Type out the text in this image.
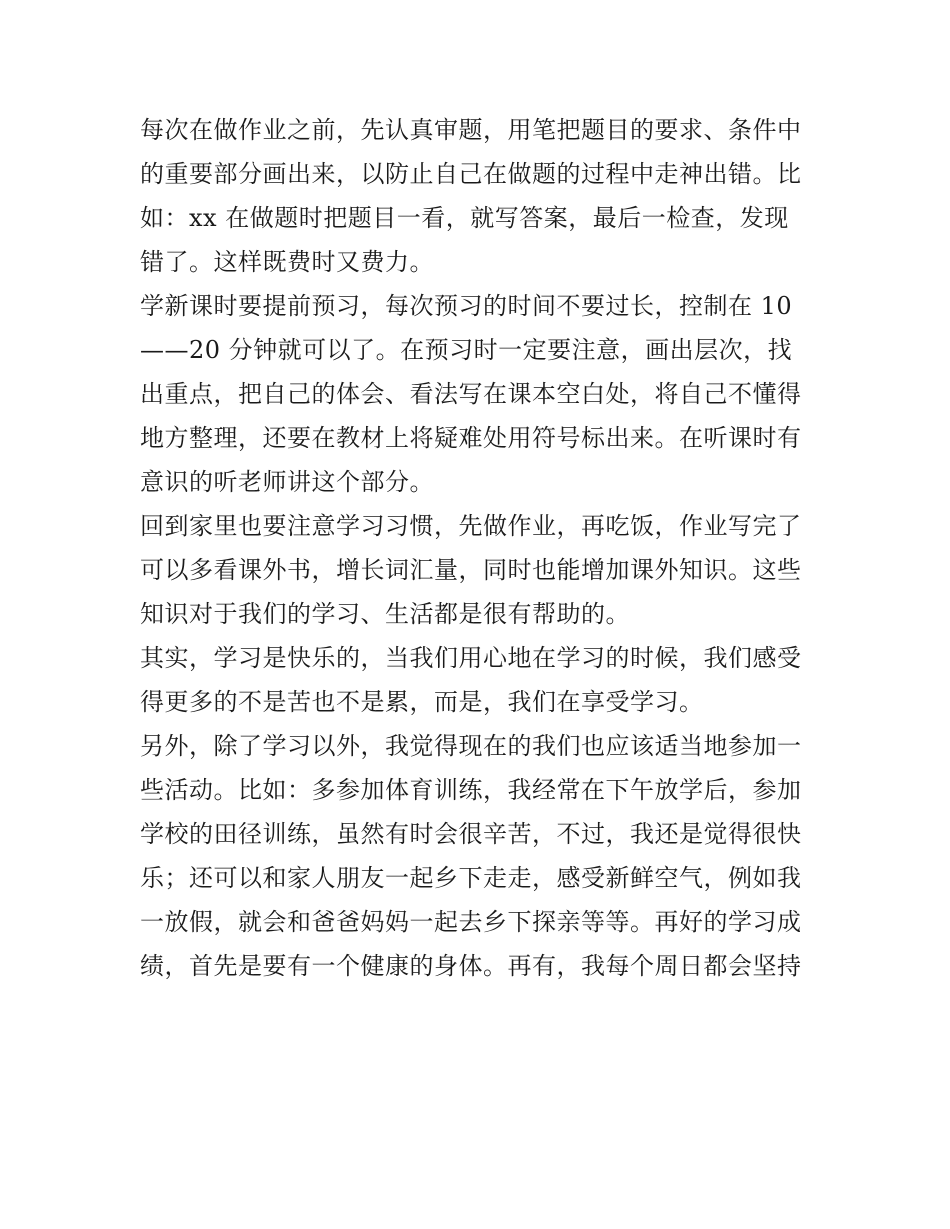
每次在做作业之前，先认真审题，用笔把题目的要求、条件中
的重要部分画出来，以防止自己在做题的过程中走神出错。比
如：xx 在做题时把题目一看，就写答案，最后一检查，发现
错了。这样既费时又费力。
学新课时要提前预习，每次预习的时间不要过长，控制在 10
——20 分钟就可以了。在预习时一定要注意，画出层次，找
出重点，把自己的体会、看法写在课本空白处，将自己不懂得
地方整理，还要在教材上将疑难处用符号标出来。在听课时有
意识的听老师讲这个部分。
回到家里也要注意学习习惯，先做作业，再吃饭，作业写完了
可以多看课外书，增长词汇量，同时也能增加课外知识。这些
知识对于我们的学习、生活都是很有帮助的。
其实，学习是快乐的，当我们用心地在学习的时候，我们感受
得更多的不是苦也不是累，而是，我们在享受学习。
另外，除了学习以外，我觉得现在的我们也应该适当地参加一
些活动。比如：多参加体育训练，我经常在下午放学后，参加
学校的田径训练，虽然有时会很辛苦，不过，我还是觉得很快
乐；还可以和家人朋友一起乡下走走，感受新鲜空气，例如我
一放假，就会和爸爸妈妈一起去乡下探亲等等。再好的学习成
绩，首先是要有一个健康的身体。再有，我每个周日都会坚持
